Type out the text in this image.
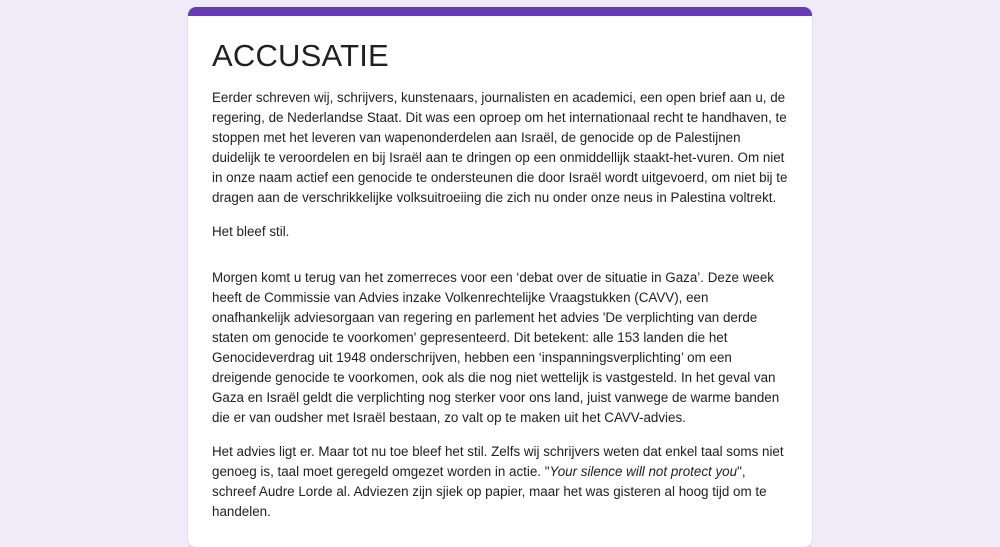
ACCUSATIE

Eerder schreven wij, schrijvers, kunstenaars, journalisten en academici, een open brief aan u, de regering, de Nederlandse Staat. Dit was een oproep om het internationaal recht te handhaven, te stoppen met het leveren van wapenonderdelen aan Israël, de genocide op de Palestijnen duidelijk te veroordelen en bij Israël aan te dringen op een onmiddellijk staakt-het-vuren. Om niet in onze naam actief een genocide te ondersteunen die door Israël wordt uitgevoerd, om niet bij te dragen aan de verschrikkelijke volksuitroeiing die zich nu onder onze neus in Palestina voltrekt.

Het bleef stil.

Morgen komt u terug van het zomerreces voor een ‘debat over de situatie in Gaza’. Deze week heeft de Commissie van Advies inzake Volkenrechtelijke Vraagstukken (CAVV), een onafhankelijk adviesorgaan van regering en parlement het advies 'De verplichting van derde staten om genocide te voorkomen' gepresenteerd. Dit betekent: alle 153 landen die het Genocideverdrag uit 1948 onderschrijven, hebben een ‘inspanningsverplichting’ om een dreigende genocide te voorkomen, ook als die nog niet wettelijk is vastgesteld. In het geval van Gaza en Israël geldt die verplichting nog sterker voor ons land, juist vanwege de warme banden die er van oudsher met Israël bestaan, zo valt op te maken uit het CAVV-advies.

Het advies ligt er. Maar tot nu toe bleef het stil. Zelfs wij schrijvers weten dat enkel taal soms niet genoeg is, taal moet geregeld omgezet worden in actie. "Your silence will not protect you", schreef Audre Lorde al. Adviezen zijn sjiek op papier, maar het was gisteren al hoog tijd om te handelen.
